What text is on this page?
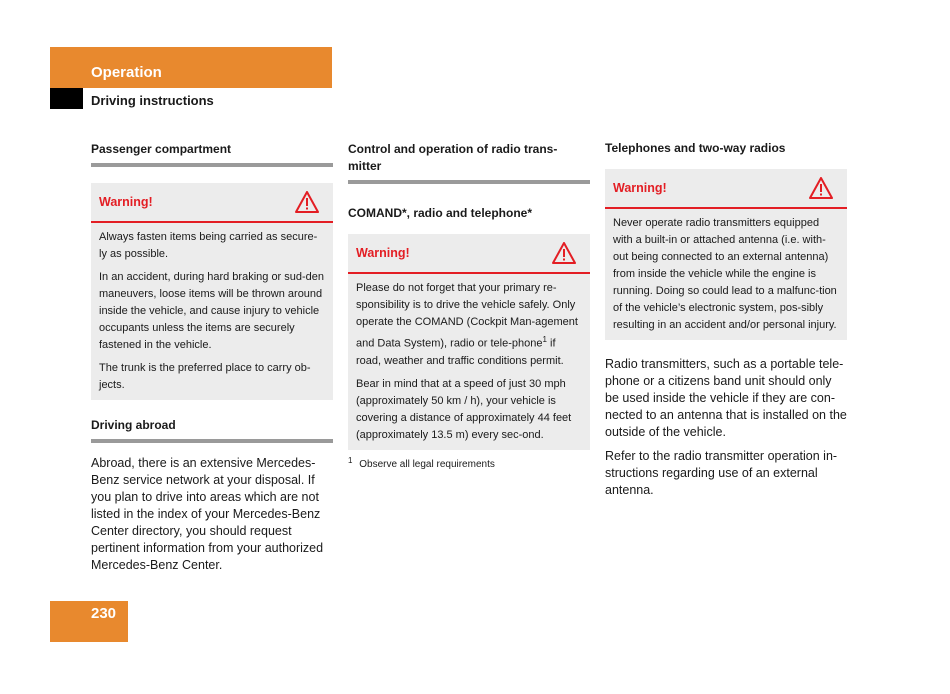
Operation
Driving instructions
Passenger compartment
Warning!

Always fasten items being carried as secure-ly as possible.

In an accident, during hard braking or sud-den maneuvers, loose items will be thrown around inside the vehicle, and cause injury to vehicle occupants unless the items are securely fastened in the vehicle.

The trunk is the preferred place to carry ob-jects.

Driving abroad

Abroad, there is an extensive Mercedes-Benz service network at your disposal. If you plan to drive into areas which are not listed in the index of your Mercedes-Benz Center directory, you should request pertinent information from your authorized Mercedes-Benz Center.

Control and operation of radio trans-mitter
COMAND*, radio and telephone*
Warning!

Please do not forget that your primary re-sponsibility is to drive the vehicle safely. Only operate the COMAND (Cockpit Man-agement and Data System), radio or tele-phone$^1$ if road, weather and traffic conditions permit.

Bear in mind that at a speed of just 30 mph (approximately 50 km / h), your vehicle is covering a distance of approximately 44 feet (approximately 13.5 m) every sec-ond.

$^1$ Observe all legal requirements
Telephones and two-way radios
Warning!

Never operate radio transmitters equipped with a built-in or attached antenna (i.e. with-out being connected to an external antenna) from inside the vehicle while the engine is running. Doing so could lead to a malfunc-tion of the vehicle’s electronic system, pos-sibly resulting in an accident and/or personal injury.

Radio transmitters, such as a portable tele-phone or a citizens band unit should only be used inside the vehicle if they are con-nected to an antenna that is installed on the outside of the vehicle.

Refer to the radio transmitter operation in-structions regarding use of an external antenna.

230
